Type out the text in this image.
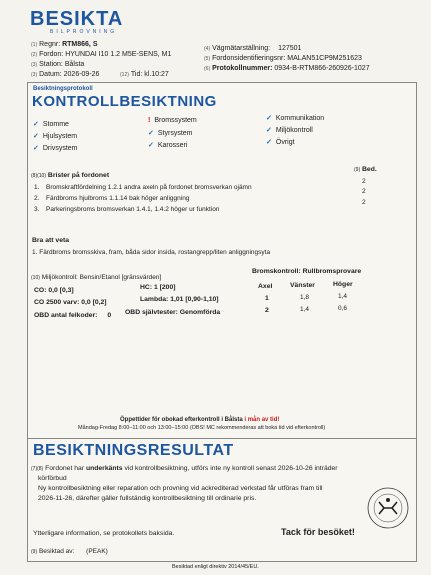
BESIKTA
BILPROVNING
(1) Regnr: RTM866, S
(2) Fordon: HYUNDAI I10 1.2 M5E-SENS, M1
(3) Station: Bålsta
(3) Datum: 2026-09-26	(12) Tid: kl.10:27
(4) Vägmätarställning: 127501
(5) Fordonsidentifieringsnr: MALAN51CP9M251623
(6) Protokollnummer: 0934-B-RTM866-260926-1027
Besiktningsprotokoll
KONTROLLBESIKTNING
✓ Stomme
✓ Hjulsystem
✓ Drivsystem
! Bromssystem
✓ Styrsystem
✓ Karosseri
✓ Kommunikation
✓ Miljökontroll
✓ Övrigt
(8)(10) Brister på fordonet
(9) Bed.
1. Bromskraftfördelning 1.2.1 andra axeln på fordonet bromsverkan ojämn
2
2. Färdbroms hjulbroms 1.1.14 bak höger anliggning
2
3. Parkeringsbroms bromsverkan 1.4.1, 1.4.2 höger ur funktion
2
Bra att veta
1. Färdbroms bromsskiva, fram, båda sidor insida, rostangrepp/liten anliggningsyta
(10) Miljökontroll: Bensin/Etanol [gränsvärden]
CO: 0,0 [0,3]	HC: 1 [200]
CO 2500 varv: 0,0 [0,2]	Lambda: 1,01 [0,90-1,10]
OBD antal felkoder: 0 OBD självtester: Genomförda
Bromskontroll: Rullbromsprovare
Axel	Vänster	Höger
1	1,8	1,4
2	1,4	0,6
Öppettider för obokad efterkontroll i Bålsta i mån av tid!
Måndag-Fredag 8:00–11:00 och 13:00–15:00 (OBS! MC rekommenderas att boka tid vid efterkontroll)
BESIKTNINGSRESULTAT
(7)(8) Fordonet har underkänts vid kontrollbesiktning, utförs inte ny kontroll senast 2026-10-26 inträder
körförbud
Ny kontrollbesiktning eller reparation och provning vid ackrediterad verkstad får utföras fram till
2026-11-26, därefter gäller fullständig kontrollbesiktning till ordinarie pris.
Ytterligare information, se protokollets baksida.	Tack för besöket!
(9) Besiktad av: (PEAK)
Besiktad enligt direktiv 2014/45/EU.
